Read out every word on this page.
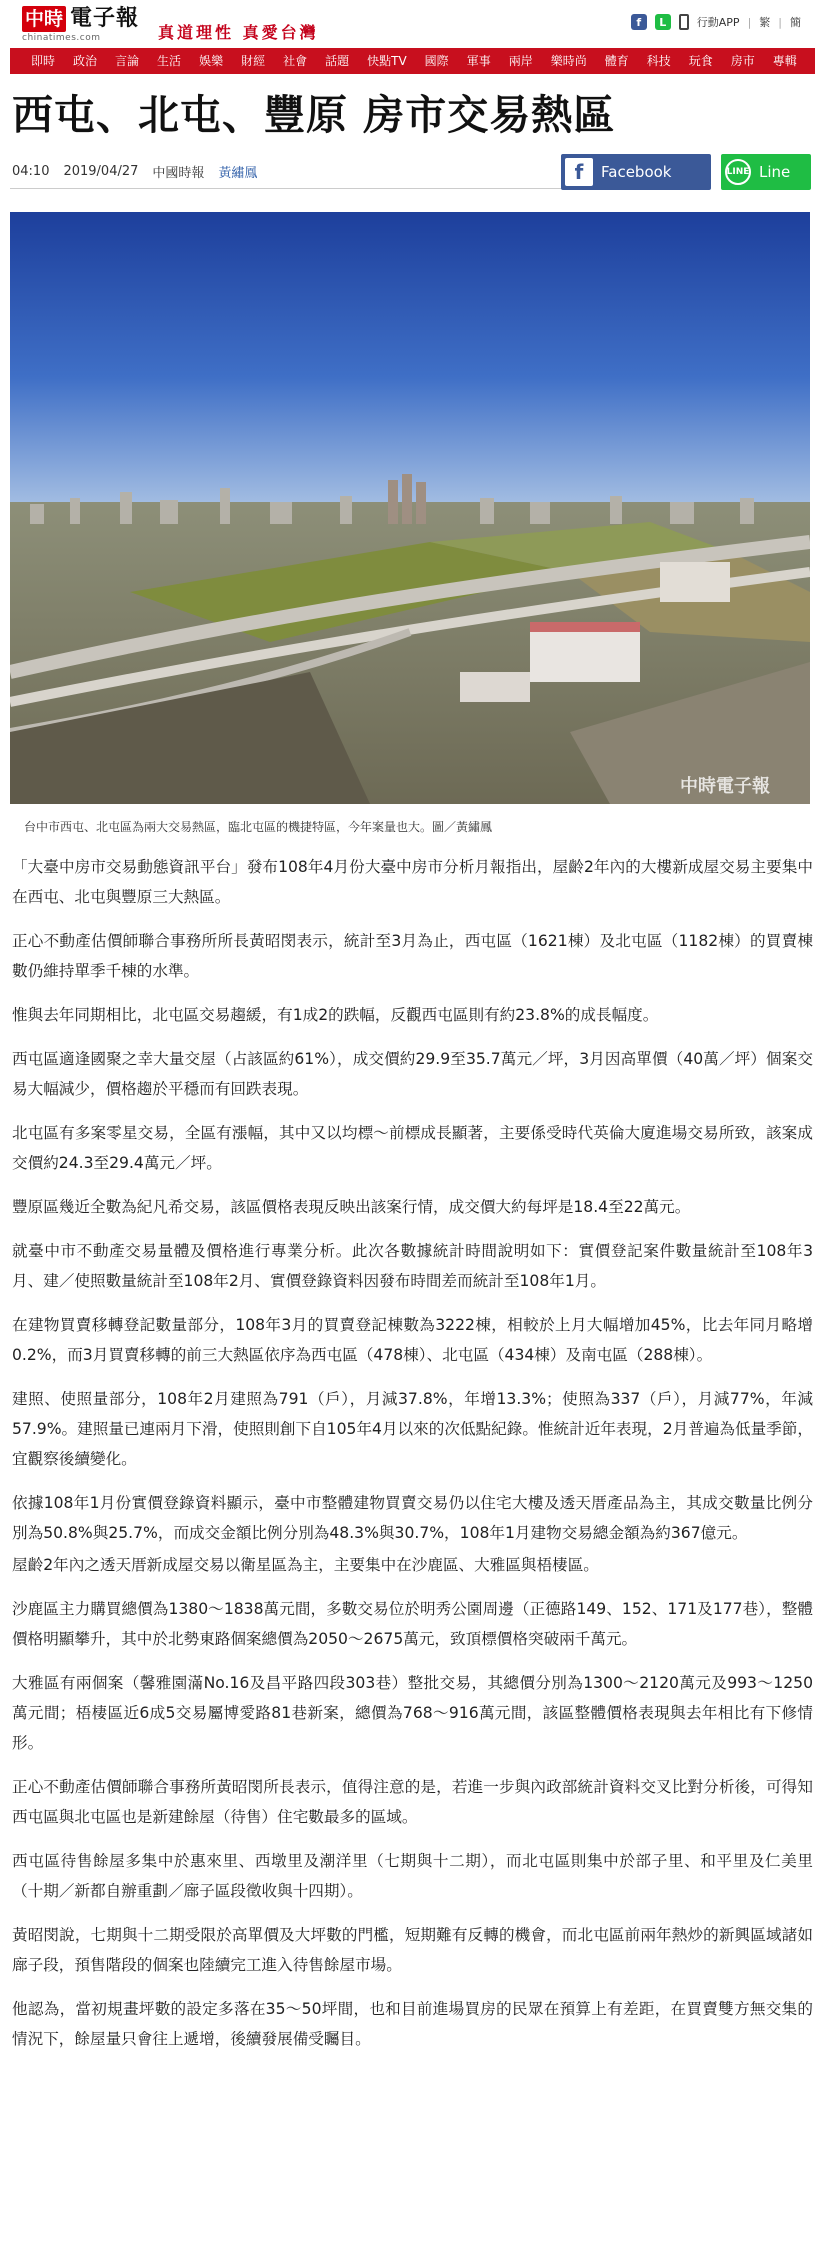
中時 電子報
chinatimes.com	真道理性 真愛台灣
f	L	行動APP | 繁 | 簡
即時	政治	言論	生活	娛樂	財經	社會	話題	快點TV	國際	軍事	兩岸	樂時尚	體育	科技	玩食	房市	專輯
西屯、北屯、豐原 房市交易熱區
04:10 2019/04/27 中國時報 黃繡鳳	f	Facebook	LINE Line
中時電子報
台中市西屯、北屯區為兩大交易熱區，臨北屯區的機捷特區，今年案量也大。圖／黃繡鳳

「大臺中房市交易動態資訊平台」發布108年4月份大臺中房市分析月報指出，屋齡2年內的大樓新成屋交易主要集中在西屯、北屯與豐原三大熱區。

正心不動產估價師聯合事務所所長黃昭閔表示，統計至3月為止，西屯區（1621棟）及北屯區（1182棟）的買賣棟數仍維持單季千棟的水準。

惟與去年同期相比，北屯區交易趨緩，有1成2的跌幅，反觀西屯區則有約23.8%的成長幅度。

西屯區適逢國聚之幸大量交屋（占該區約61%），成交價約29.9至35.7萬元／坪，3月因高單價（40萬／坪）個案交易大幅減少，價格趨於平穩而有回跌表現。

北屯區有多案零星交易，全區有漲幅，其中又以均標～前標成長顯著，主要係受時代英倫大廈進場交易所致，該案成交價約24.3至29.4萬元／坪。

豐原區幾近全數為紀凡希交易，該區價格表現反映出該案行情，成交價大約每坪是18.4至22萬元。

就臺中市不動產交易量體及價格進行專業分析。此次各數據統計時間說明如下：實價登記案件數量統計至108年3月、建／使照數量統計至108年2月、實價登錄資料因發布時間差而統計至108年1月。

在建物買賣移轉登記數量部分，108年3月的買賣登記棟數為3222棟，相較於上月大幅增加45%，比去年同月略增0.2%，而3月買賣移轉的前三大熱區依序為西屯區（478棟）、北屯區（434棟）及南屯區（288棟）。

建照、使照量部分，108年2月建照為791（戶），月減37.8%，年增13.3%；使照為337（戶），月減77%，年減57.9%。建照量已連兩月下滑，使照則創下自105年4月以來的次低點紀錄。惟統計近年表現，2月普遍為低量季節，宜觀察後續變化。

依據108年1月份實價登錄資料顯示，臺中市整體建物買賣交易仍以住宅大樓及透天厝產品為主，其成交數量比例分別為50.8%與25.7%，而成交金額比例分別為48.3%與30.7%，108年1月建物交易總金額為約367億元。

屋齡2年內之透天厝新成屋交易以衛星區為主，主要集中在沙鹿區、大雅區與梧棲區。

沙鹿區主力購買總價為1380～1838萬元間，多數交易位於明秀公園周邊（正德路149、152、171及177巷），整體價格明顯攀升，其中於北勢東路個案總價為2050～2675萬元，致頂標價格突破兩千萬元。

大雅區有兩個案（馨雅園滿No.16及昌平路四段303巷）整批交易，其總價分別為1300～2120萬元及993～1250萬元間；梧棲區近6成5交易屬博愛路81巷新案，總價為768～916萬元間，該區整體價格表現與去年相比有下修情形。

正心不動產估價師聯合事務所黃昭閔所長表示，值得注意的是，若進一步與內政部統計資料交叉比對分析後，可得知西屯區與北屯區也是新建餘屋（待售）住宅數最多的區域。

西屯區待售餘屋多集中於惠來里、西墩里及潮洋里（七期與十二期），而北屯區則集中於部子里、和平里及仁美里（十期／新都自辦重劃／廍子區段徵收與十四期）。

黃昭閔說，七期與十二期受限於高單價及大坪數的門檻，短期難有反轉的機會，而北屯區前兩年熱炒的新興區域諸如廍子段，預售階段的個案也陸續完工進入待售餘屋市場。

他認為，當初規畫坪數的設定多落在35～50坪間，也和目前進場買房的民眾在預算上有差距，在買賣雙方無交集的情況下，餘屋量只會往上遞增，後續發展備受矚目。
